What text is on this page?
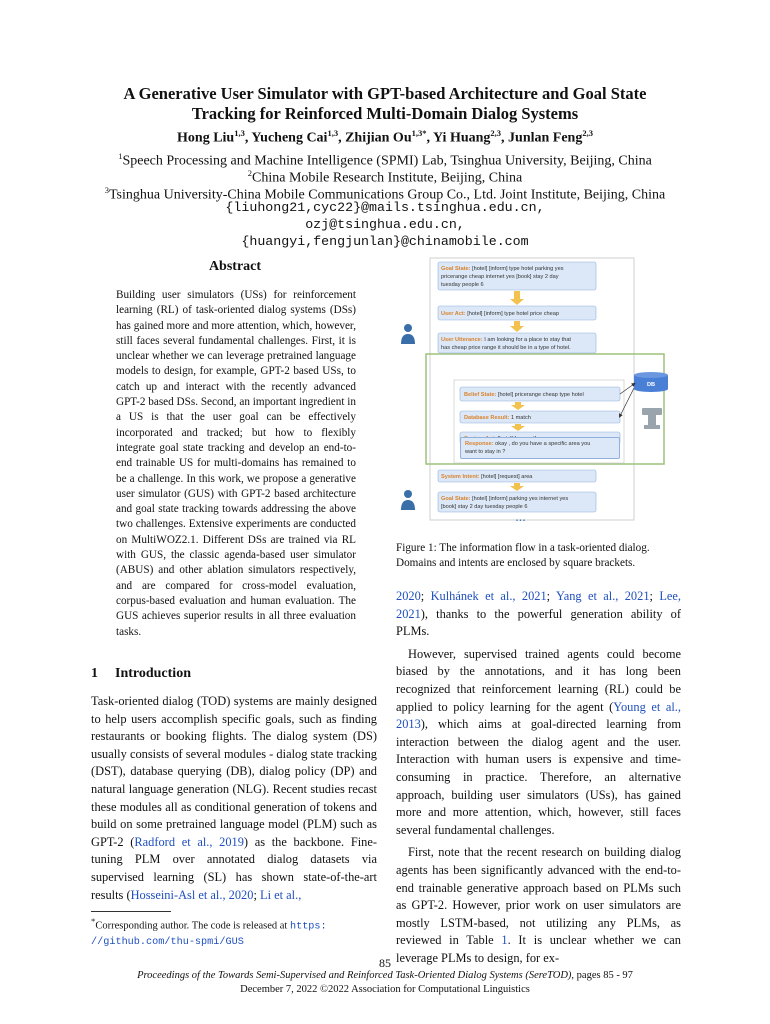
A Generative User Simulator with GPT-based Architecture and Goal State
Tracking for Reinforced Multi-Domain Dialog Systems
Hong Liu$^{1,3}$, Yucheng Cai$^{1,3}$, Zhijian $Ou^{1,3*}$, Yi Huang$^{2,3}$, Junlan Feng$^{2,3}$
$^1$Speech Processing and Machine Intelligence (SPMI) Lab, Tsinghua University, Beijing, China
$^2$China Mobile Research Institute, Beijing, China
$^3$Tsinghua University-China Mobile Communications Group Co., Ltd. Joint Institute, Beijing, China
{liuhong21,cyc22}@mails.tsinghua.edu.cn,
ozj@tsinghua.edu.cn,
{huangyi,fengjunlan}@chinamobile.com
Abstract
Building user simulators (USs) for reinforcement learning (RL) of task-oriented dialog systems (DSs) has gained more and more attention, which, however, still faces several fundamental challenges. First, it is unclear whether we can leverage pretrained language models to design, for example, GPT-2 based USs, to catch up and interact with the recently advanced GPT-2 based DSs. Second, an important ingredient in a US is that the user goal can be effectively incorporated and tracked; but how to flexibly integrate goal state tracking and develop an end-to-end trainable US for multi-domains has remained to be a challenge. In this work, we propose a generative user simulator (GUS) with GPT-2 based architecture and goal state tracking towards addressing the above two challenges. Extensive experiments are conducted on MultiWOZ2.1. Different DSs are trained via RL with GUS, the classic agenda-based user simulator (ABUS) and other ablation simulators respectively, and are compared for cross-model evaluation, corpus-based evaluation and human evaluation. The GUS achieves superior results in all three evaluation tasks.
Goal State: [hotel] [inform] type hotel parking yes
pricerange cheap internet yes [book] stay 2 day
tuesday people 6
User Act: [hotel] [inform] type hotel price cheap
User Utterance: I am looking for a place to stay that
has cheap price range it should be in a type of hotel.
Belief State: [hotel] pricerange cheap type hotel
Database Result: 1 match
DB
System Intent: [hotel] [request] area
Goal State: [hotel] [inform] parking yes internet yes
[book] stay 2 day tuesday people 6
• • •
Response: okay , do you have a specific area you
want to stay in ?
Figure 1: The information flow in a task-oriented dialog. Domains and intents are enclosed by square brackets.
1 Introduction
Task-oriented dialog (TOD) systems are mainly designed to help users accomplish specific goals, such as finding restaurants or booking flights. The dialog system (DS) usually consists of several modules - dialog state tracking (DST), database querying (DB), dialog policy (DP) and natural language generation (NLG). Recent studies recast these modules all as conditional generation of tokens and build on some pretrained language model (PLM) such as GPT-2 (Radford et al., 2019) as the backbone. Fine-tuning PLM over annotated dialog datasets via supervised learning (SL) has shown state-of-the-art results (Hosseini-Asl et al., 2020; Li et al.,

2020; Kulhánek et al., 2021; Yang et al., 2021; Lee, 2021), thanks to the powerful generation ability of PLMs.

However, supervised trained agents could become biased by the annotations, and it has long been recognized that reinforcement learning (RL) could be applied to policy learning for the agent (Young et al., 2013), which aims at goal-directed learning from interaction between the dialog agent and the user. Interaction with human users is expensive and time-consuming in practice. Therefore, an alternative approach, building user simulators (USs), has gained more and more attention, which, however, still faces several fundamental challenges.

First, note that the recent research on building dialog agents has been significantly advanced with the end-to-end trainable generative approach based on PLMs such as GPT-2. However, prior work on user simulators are mostly LSTM-based, not utilizing any PLMs, as reviewed in Table 1. It is unclear whether we can leverage PLMs to design, for ex-

*Corresponding author. The code is released at https:
//github.com/thu-spmi/GUS
85
Proceedings of the Towards Semi-Supervised and Reinforced Task-Oriented Dialog Systems (SereTOD), pages 85 - 97
December 7, 2022 ©2022 Association for Computational Linguistics
